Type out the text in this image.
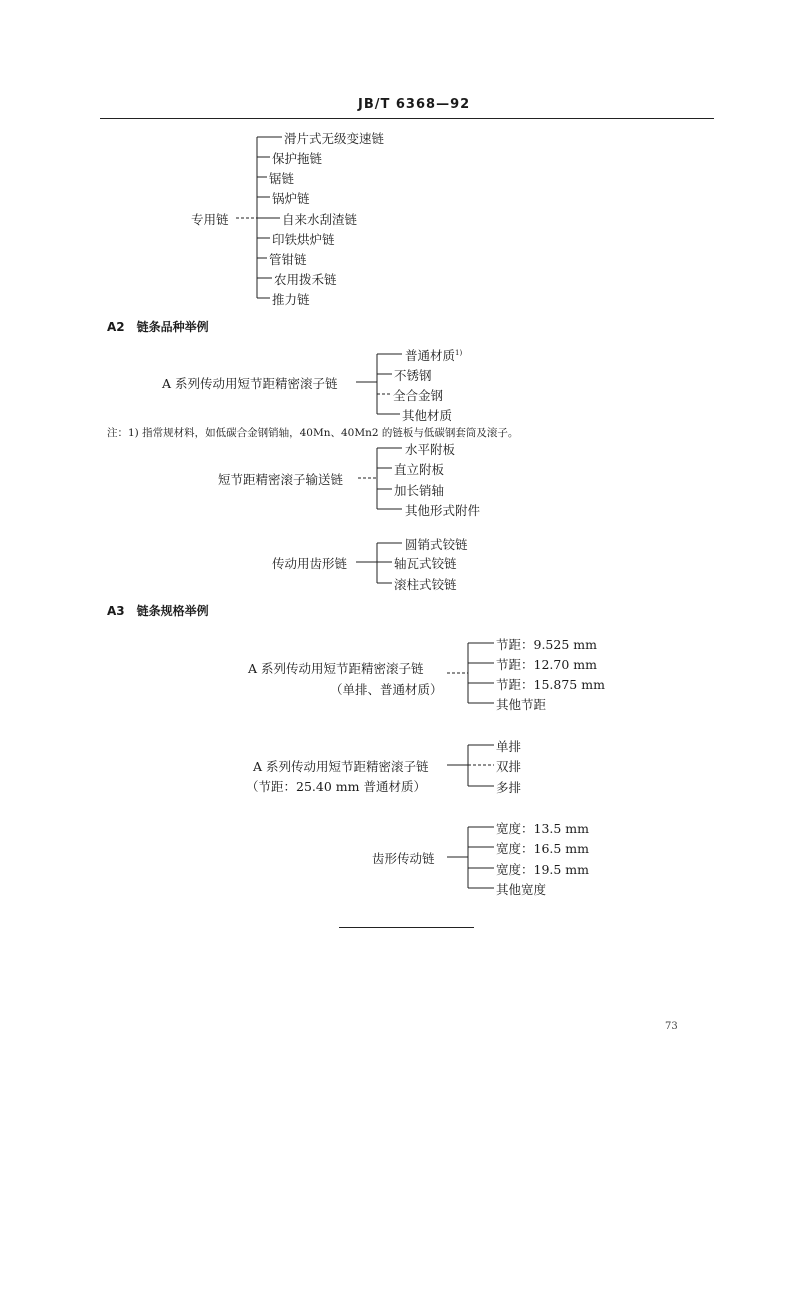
JB/T 6368—92
专用链
滑片式无级变速链
保护拖链
锯链
锅炉链
自来水刮渣链
印铁烘炉链
管钳链
农用拨禾链
推力链
A2　链条品种举例
A 系列传动用短节距精密滚子链
普通材质$^{1)}$
不锈钢
全合金钢
其他材质
注：1) 指常规材料，如低碳合金钢销轴，40Mn、40Mn2 的链板与低碳钢套筒及滚子。
短节距精密滚子输送链
水平附板
直立附板
加长销轴
其他形式附件
传动用齿形链
圆销式铰链
轴瓦式铰链
滚柱式铰链
A3　链条规格举例
A 系列传动用短节距精密滚子链
（单排、普通材质）
节距：9.525 mm
节距：12.70 mm
节距：15.875 mm
其他节距
A 系列传动用短节距精密滚子链
（节距：25.40 mm 普通材质）
单排
双排
多排
齿形传动链
宽度：13.5 mm
宽度：16.5 mm
宽度：19.5 mm
其他宽度
73
